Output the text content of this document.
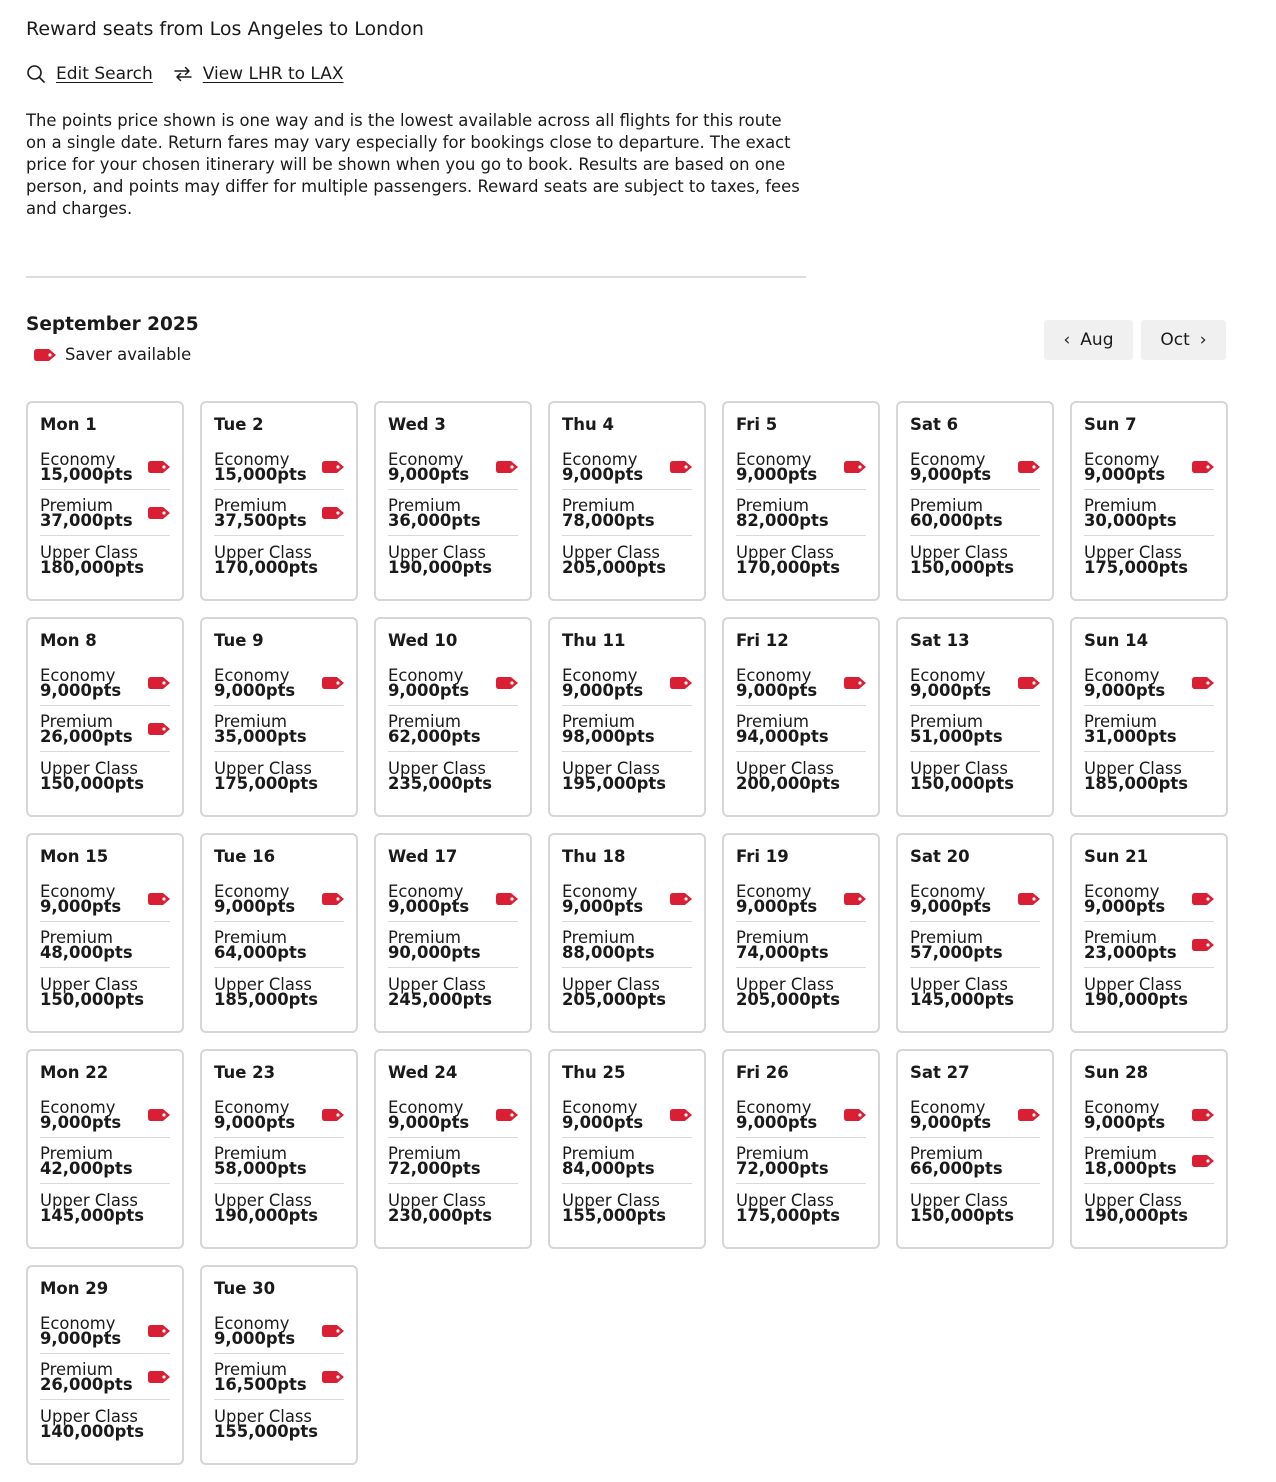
Reward seats from Los Angeles to London
Edit Search	View LHR to LAX

The points price shown is one way and is the lowest available across all flights for this route on a single date. Return fares may vary especially for bookings close to departure. The exact price for your chosen itinerary will be shown when you go to book. Results are based on one person, and points may differ for multiple passengers. Reward seats are subject to taxes, fees and charges.

September 2025
Saver available
‹ Aug	Oct ›
Mon 1
Economy
15,000pts
Premium
37,000pts
Upper Class
180,000pts
Tue 2
Economy
15,000pts
Premium
37,500pts
Upper Class
170,000pts
Wed 3
Economy
9,000pts
Premium
36,000pts
Upper Class
190,000pts
Thu 4
Economy
9,000pts
Premium
78,000pts
Upper Class
205,000pts
Fri 5
Economy
9,000pts
Premium
82,000pts
Upper Class
170,000pts
Sat 6
Economy
9,000pts
Premium
60,000pts
Upper Class
150,000pts
Sun 7
Economy
9,000pts
Premium
30,000pts
Upper Class
175,000pts
Mon 8
Economy
9,000pts
Premium
26,000pts
Upper Class
150,000pts
Tue 9
Economy
9,000pts
Premium
35,000pts
Upper Class
175,000pts
Wed 10
Economy
9,000pts
Premium
62,000pts
Upper Class
235,000pts
Thu 11
Economy
9,000pts
Premium
98,000pts
Upper Class
195,000pts
Fri 12
Economy
9,000pts
Premium
94,000pts
Upper Class
200,000pts
Sat 13
Economy
9,000pts
Premium
51,000pts
Upper Class
150,000pts
Sun 14
Economy
9,000pts
Premium
31,000pts
Upper Class
185,000pts
Mon 15
Economy
9,000pts
Premium
48,000pts
Upper Class
150,000pts
Tue 16
Economy
9,000pts
Premium
64,000pts
Upper Class
185,000pts
Wed 17
Economy
9,000pts
Premium
90,000pts
Upper Class
245,000pts
Thu 18
Economy
9,000pts
Premium
88,000pts
Upper Class
205,000pts
Fri 19
Economy
9,000pts
Premium
74,000pts
Upper Class
205,000pts
Sat 20
Economy
9,000pts
Premium
57,000pts
Upper Class
145,000pts
Sun 21
Economy
9,000pts
Premium
23,000pts
Upper Class
190,000pts
Mon 22
Economy
9,000pts
Premium
42,000pts
Upper Class
145,000pts
Tue 23
Economy
9,000pts
Premium
58,000pts
Upper Class
190,000pts
Wed 24
Economy
9,000pts
Premium
72,000pts
Upper Class
230,000pts
Thu 25
Economy
9,000pts
Premium
84,000pts
Upper Class
155,000pts
Fri 26
Economy
9,000pts
Premium
72,000pts
Upper Class
175,000pts
Sat 27
Economy
9,000pts
Premium
66,000pts
Upper Class
150,000pts
Sun 28
Economy
9,000pts
Premium
18,000pts
Upper Class
190,000pts
Mon 29
Economy
9,000pts
Premium
26,000pts
Upper Class
140,000pts
Tue 30
Economy
9,000pts
Premium
16,500pts
Upper Class
155,000pts
